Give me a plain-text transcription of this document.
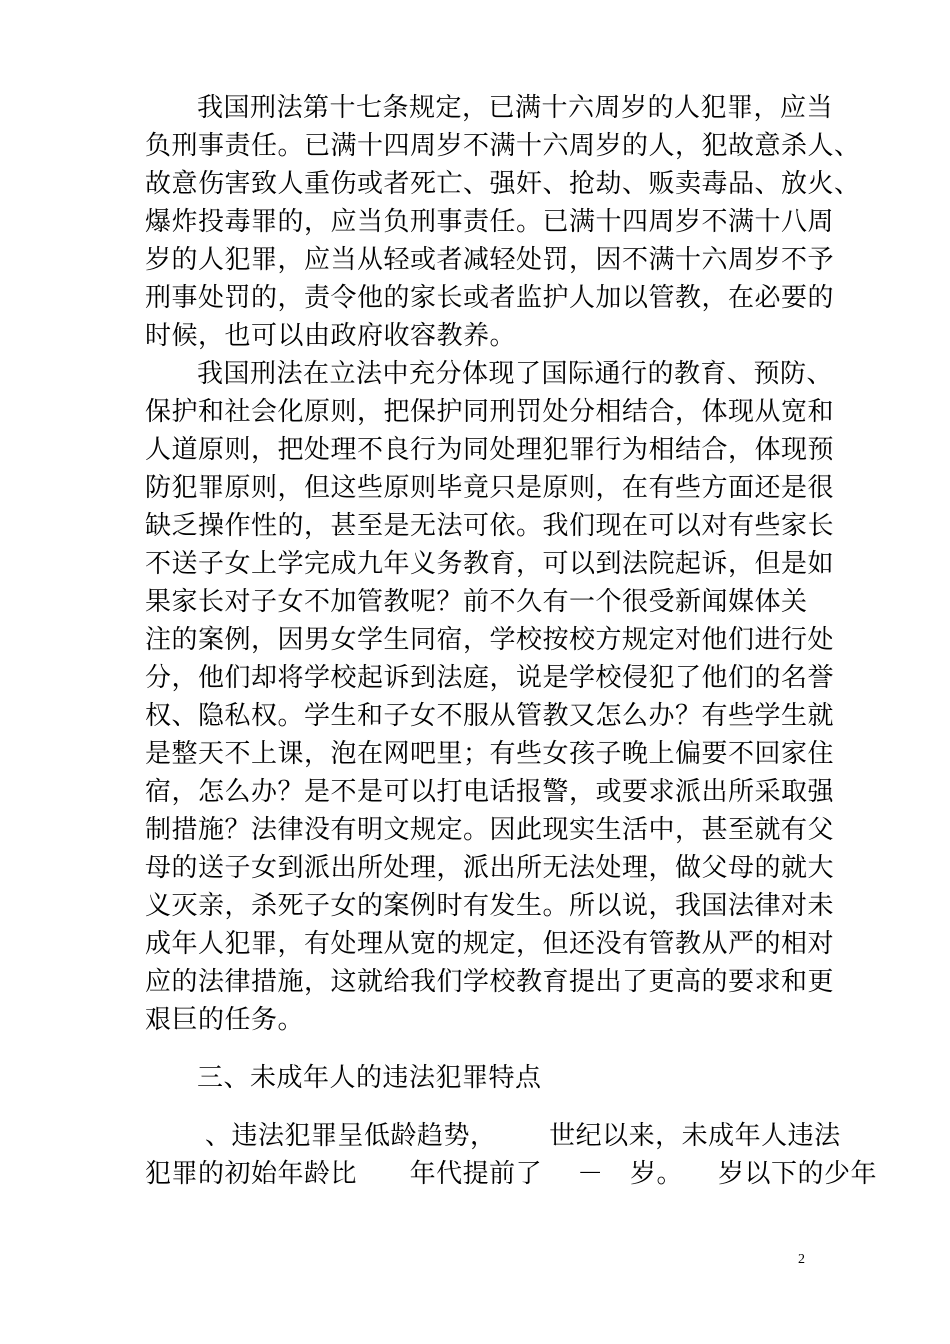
我国刑法第十七条规定，已满十六周岁的人犯罪，应当
负刑事责任。已满十四周岁不满十六周岁的人，犯故意杀人、
故意伤害致人重伤或者死亡、强奸、抢劫、贩卖毒品、放火、
爆炸投毒罪的，应当负刑事责任。已满十四周岁不满十八周
岁的人犯罪，应当从轻或者减轻处罚，因不满十六周岁不予
刑事处罚的，责令他的家长或者监护人加以管教，在必要的
时候，也可以由政府收容教养。
我国刑法在立法中充分体现了国际通行的教育、预防、
保护和社会化原则，把保护同刑罚处分相结合，体现从宽和
人道原则，把处理不良行为同处理犯罪行为相结合，体现预
防犯罪原则，但这些原则毕竟只是原则，在有些方面还是很
缺乏操作性的，甚至是无法可依。我们现在可以对有些家长
不送子女上学完成九年义务教育，可以到法院起诉，但是如
果家长对子女不加管教呢？前不久有一个很受新闻媒体关
注的案例，因男女学生同宿，学校按校方规定对他们进行处
分，他们却将学校起诉到法庭，说是学校侵犯了他们的名誉
权、隐私权。学生和子女不服从管教又怎么办？有些学生就
是整天不上课，泡在网吧里；有些女孩子晚上偏要不回家住
宿，怎么办？是不是可以打电话报警，或要求派出所采取强
制措施？法律没有明文规定。因此现实生活中，甚至就有父
母的送子女到派出所处理，派出所无法处理，做父母的就大
义灭亲，杀死子女的案例时有发生。所以说，我国法律对未
成年人犯罪，有处理从宽的规定，但还没有管教从严的相对
应的法律措施，这就给我们学校教育提出了更高的要求和更
艰巨的任务。
三、未成年人的违法犯罪特点
、违法犯罪呈低龄趋势，      世纪以来，未成年人违法
犯罪的初始年龄比      年代提前了    －   岁。    岁以下的少年
2
